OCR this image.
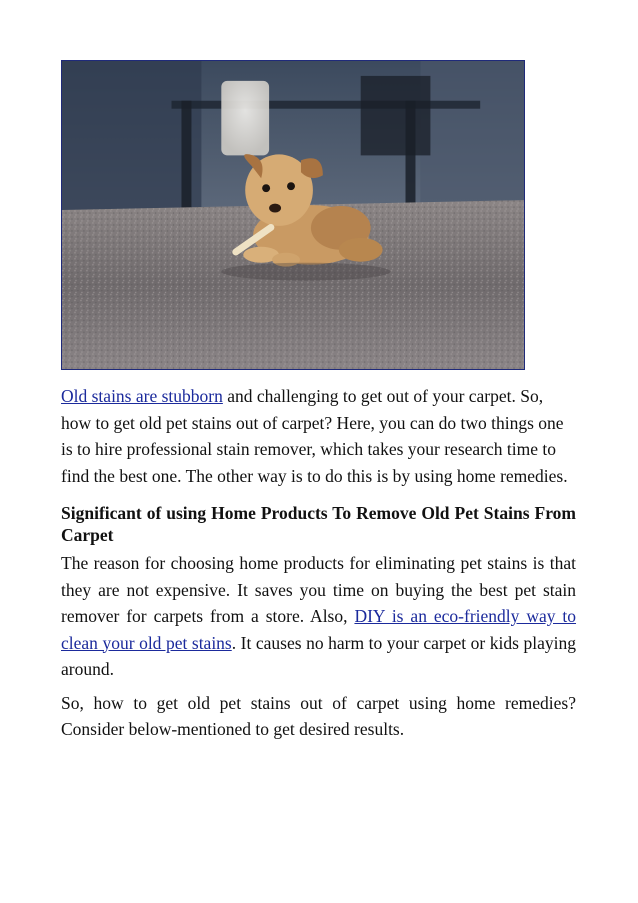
Old stains are stubborn and challenging to get out of your carpet. So, how to get old pet stains out of carpet? Here, you can do two things one is to hire professional stain remover, which takes your research time to find the best one. The other way is to do this is by using home remedies.

Significant of using Home Products To Remove Old Pet Stains From Carpet

The reason for choosing home products for eliminating pet stains is that they are not expensive. It saves you time on buying the best pet stain remover for carpets from a store. Also, DIY is an eco-friendly way to clean your old pet stains. It causes no harm to your carpet or kids playing around.

So, how to get old pet stains out of carpet using home remedies? Consider below-mentioned to get desired results.
